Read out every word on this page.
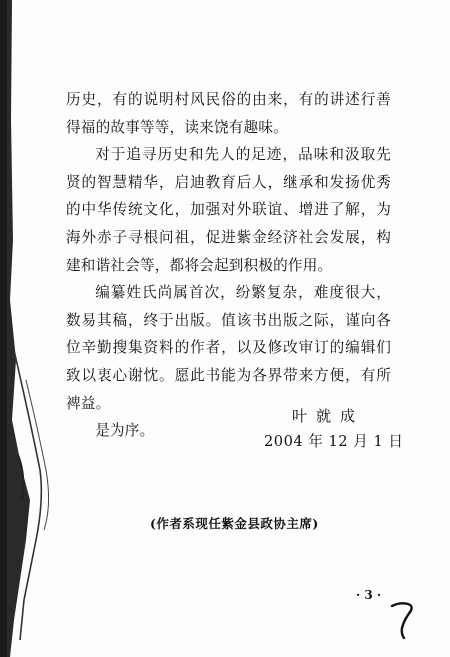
历史，有的说明村风民俗的由来，有的讲述行善得福的故事等等，读来饶有趣味。

对于追寻历史和先人的足迹，品味和汲取先贤的智慧精华，启迪教育后人，继承和发扬优秀的中华传统文化，加强对外联谊、增进了解，为海外赤子寻根问祖，促进紫金经济社会发展，构建和谐社会等，都将会起到积极的作用。

编纂姓氏尚属首次，纷繁复杂，难度很大，数易其稿，终于出版。值该书出版之际，谨向各位辛勤搜集资料的作者，以及修改审订的编辑们致以衷心谢忱。愿此书能为各界带来方便，有所裨益。

是为序。

叶就成
2004 年 12 月 1 日
(作者系现任紫金县政协主席)
· 3 ·
